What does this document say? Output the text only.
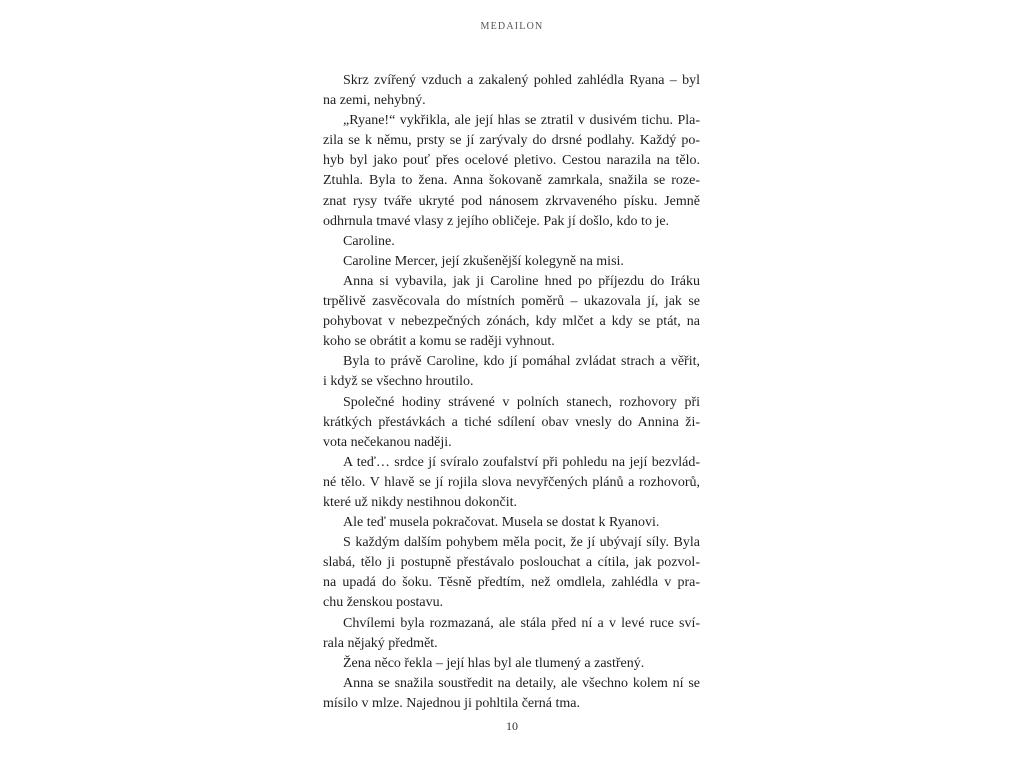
MEDAILON
Skrz zvířený vzduch a zakalený pohled zahlédla Ryana – byl
na zemi, nehybný.
„Ryane!“ vykřikla, ale její hlas se ztratil v dusivém tichu. Pla-
zila se k němu, prsty se jí zarývaly do drsné podlahy. Každý po-
hyb byl jako pouť přes ocelové pletivo. Cestou narazila na tělo.
Ztuhla. Byla to žena. Anna šokovaně zamrkala, snažila se roze-
znat rysy tváře ukryté pod nánosem zkrvaveného písku. Jemně
odhrnula tmavé vlasy z jejího obličeje. Pak jí došlo, kdo to je.
Caroline.
Caroline Mercer, její zkušenější kolegyně na misi.
Anna si vybavila, jak ji Caroline hned po příjezdu do Iráku
trpělivě zasvěcovala do místních poměrů – ukazovala jí, jak se
pohybovat v nebezpečných zónách, kdy mlčet a kdy se ptát, na
koho se obrátit a komu se raději vyhnout.
Byla to právě Caroline, kdo jí pomáhal zvládat strach a věřit,
i když se všechno hroutilo.
Společné hodiny strávené v polních stanech, rozhovory při
krátkých přestávkách a tiché sdílení obav vnesly do Annina ži-
vota nečekanou naději.
A teď… srdce jí svíralo zoufalství při pohledu na její bezvlád-
né tělo. V hlavě se jí rojila slova nevyřčených plánů a rozhovorů,
které už nikdy nestihnou dokončit.
Ale teď musela pokračovat. Musela se dostat k Ryanovi.
S každým dalším pohybem měla pocit, že jí ubývají síly. Byla
slabá, tělo ji postupně přestávalo poslouchat a cítila, jak pozvol-
na upadá do šoku. Těsně předtím, než omdlela, zahlédla v pra-
chu ženskou postavu.
Chvílemi byla rozmazaná, ale stála před ní a v levé ruce sví-
rala nějaký předmět.
Žena něco řekla – její hlas byl ale tlumený a zastřený.
Anna se snažila soustředit na detaily, ale všechno kolem ní se
mísilo v mlze. Najednou ji pohltila černá tma.
10
